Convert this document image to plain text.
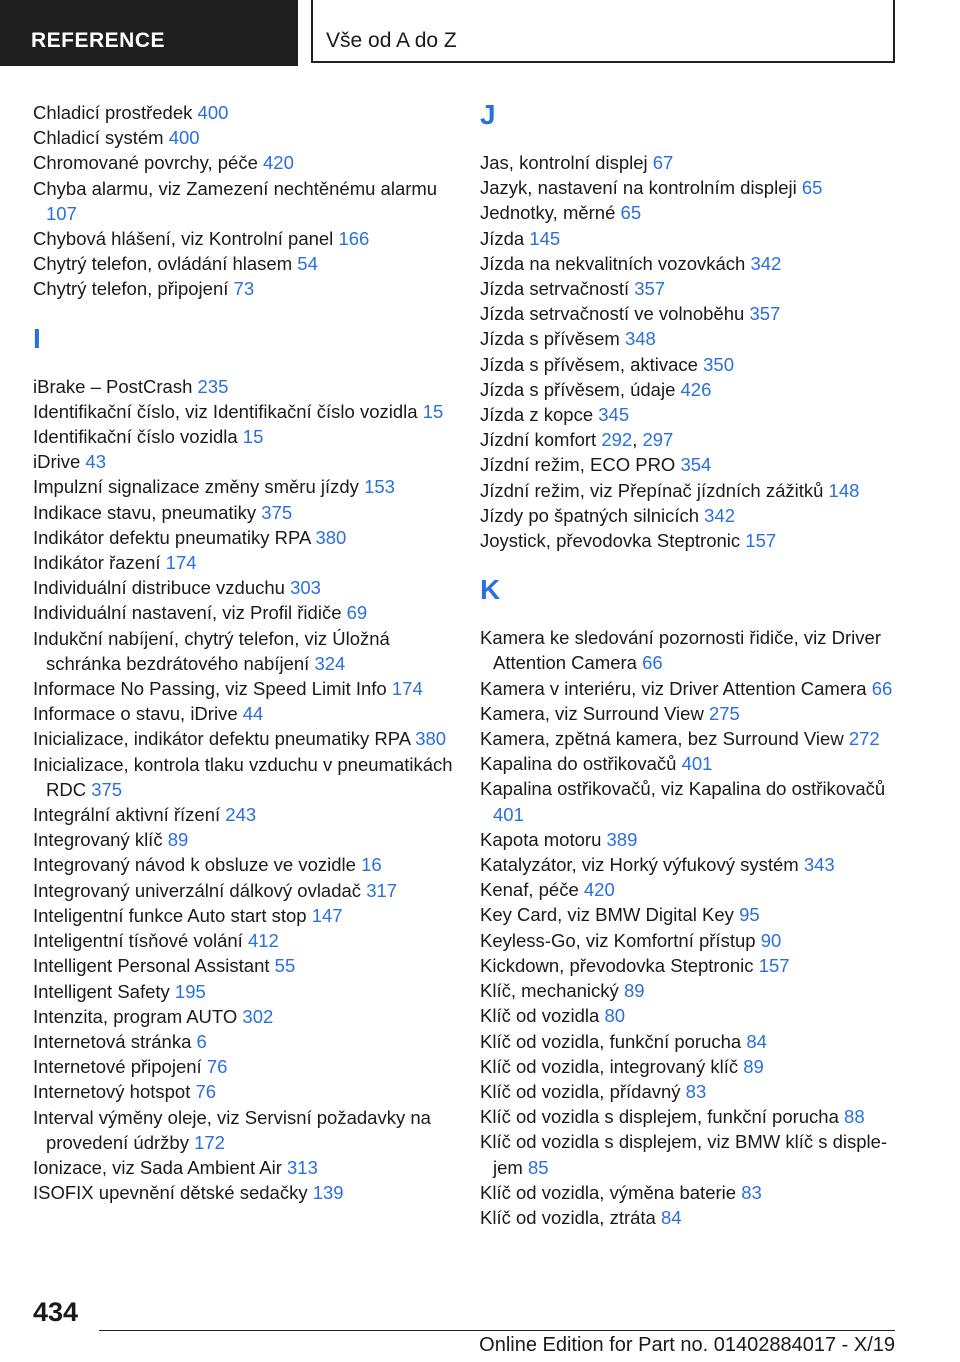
REFERENCE	Vše od A do Z
Chladicí prostředek 400
Chladicí systém 400
Chromované povrchy, péče 420
Chyba alarmu, viz Zamezení nechtěnému alarmu 107
Chybová hlášení, viz Kontrolní panel 166
Chytrý telefon, ovládání hlasem 54
Chytrý telefon, připojení 73
I
iBrake – PostCrash 235
Identifikační číslo, viz Identifikační číslo vozidla 15
Identifikační číslo vozidla 15
iDrive 43
Impulzní signalizace změny směru jízdy 153
Indikace stavu, pneumatiky 375
Indikátor defektu pneumatiky RPA 380
Indikátor řazení 174
Individuální distribuce vzduchu 303
Individuální nastavení, viz Profil řidiče 69
Indukční nabíjení, chytrý telefon, viz Úložná schránka bezdrátového nabíjení 324
Informace No Passing, viz Speed Limit Info 174
Informace o stavu, iDrive 44
Inicializace, indikátor defektu pneumatiky RPA 380
Inicializace, kontrola tlaku vzduchu v pneumatikách RDC 375
Integrální aktivní řízení 243
Integrovaný klíč 89
Integrovaný návod k obsluze ve vozidle 16
Integrovaný univerzální dálkový ovladač 317
Inteligentní funkce Auto start stop 147
Inteligentní tísňové volání 412
Intelligent Personal Assistant 55
Intelligent Safety 195
Intenzita, program AUTO 302
Internetová stránka 6
Internetové připojení 76
Internetový hotspot 76
Interval výměny oleje, viz Servisní požadavky na provedení údržby 172
Ionizace, viz Sada Ambient Air 313
ISOFIX upevnění dětské sedačky 139
J
Jas, kontrolní displej 67
Jazyk, nastavení na kontrolním displeji 65
Jednotky, měrné 65
Jízda 145
Jízda na nekvalitních vozovkách 342
Jízda setrvačností 357
Jízda setrvačností ve volnoběhu 357
Jízda s přívěsem 348
Jízda s přívěsem, aktivace 350
Jízda s přívěsem, údaje 426
Jízda z kopce 345
Jízdní komfort 292, 297
Jízdní režim, ECO PRO 354
Jízdní režim, viz Přepínač jízdních zážitků 148
Jízdy po špatných silnicích 342
Joystick, převodovka Steptronic 157
K
Kamera ke sledování pozornosti řidiče, viz Driver Attention Camera 66
Kamera v interiéru, viz Driver Attention Camera 66
Kamera, viz Surround View 275
Kamera, zpětná kamera, bez Surround View 272
Kapalina do ostřikovačů 401
Kapalina ostřikovačů, viz Kapalina do ostřikovačů 401
Kapota motoru 389
Katalyzátor, viz Horký výfukový systém 343
Kenaf, péče 420
Key Card, viz BMW Digital Key 95
Keyless-Go, viz Komfortní přístup 90
Kickdown, převodovka Steptronic 157
Klíč, mechanický 89
Klíč od vozidla 80
Klíč od vozidla, funkční porucha 84
Klíč od vozidla, integrovaný klíč 89
Klíč od vozidla, přídavný 83
Klíč od vozidla s displejem, funkční porucha 88
Klíč od vozidla s displejem, viz BMW klíč s displejem 85
Klíč od vozidla, výměna baterie 83
Klíč od vozidla, ztráta 84
434
Online Edition for Part no. 01402884017 - X/19
